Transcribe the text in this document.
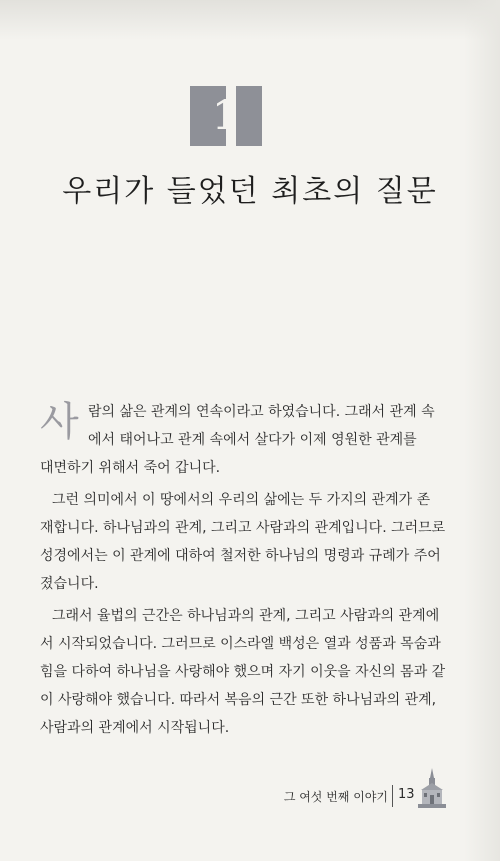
1
우리가 들었던 최초의 질문
사 람의 삶은 관계의 연속이라고 하였습니다. 그래서 관계 속
에서 태어나고 관계 속에서 살다가 이제 영원한 관계를
대면하기 위해서 죽어 갑니다.
그런 의미에서 이 땅에서의 우리의 삶에는 두 가지의 관계가 존
재합니다. 하나님과의 관계, 그리고 사람과의 관계입니다. 그러므로
성경에서는 이 관계에 대하여 철저한 하나님의 명령과 규례가 주어
졌습니다.
그래서 율법의 근간은 하나님과의 관계, 그리고 사람과의 관계에
서 시작되었습니다. 그러므로 이스라엘 백성은 열과 성품과 목숨과
힘을 다하여 하나님을 사랑해야 했으며 자기 이웃을 자신의 몸과 같
이 사랑해야 했습니다. 따라서 복음의 근간 또한 하나님과의 관계,
사람과의 관계에서 시작됩니다.
그 여섯 번째 이야기 13
